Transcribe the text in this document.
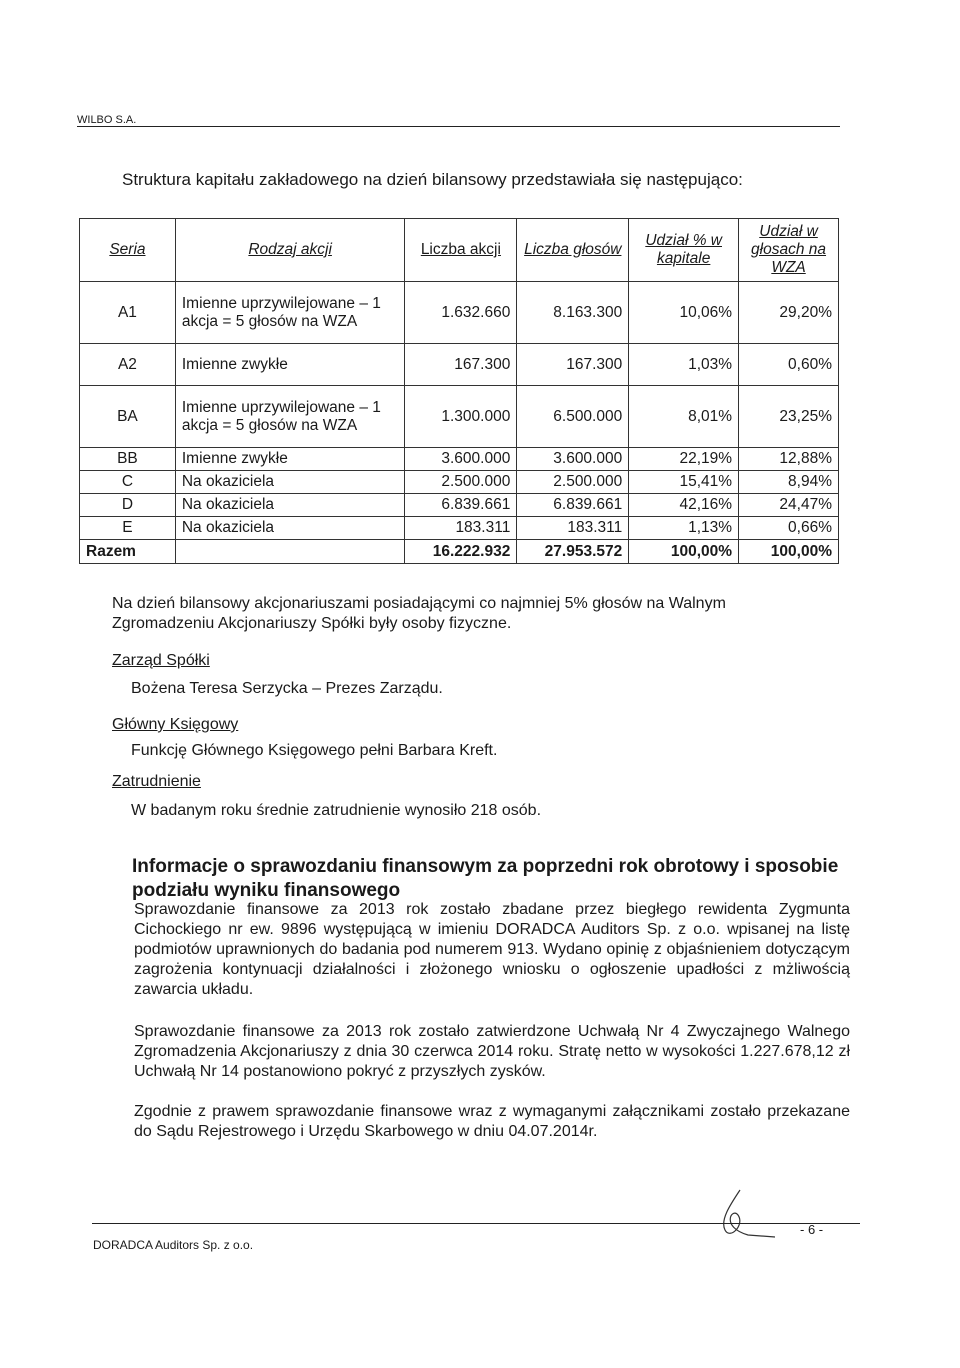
WILBO S.A.
Struktura kapitału zakładowego na dzień bilansowy przedstawiała się następująco:
Seria	Rodzaj akcji	Liczba akcji	Liczba głosów	Udział % w kapitale	Udział w głosach na WZA
A1	Imienne uprzywilejowane – 1 akcja = 5 głosów na WZA	1.632.660	8.163.300	10,06%	29,20%
A2	Imienne zwykłe	167.300	167.300	1,03%	0,60%
BA	Imienne uprzywilejowane – 1 akcja = 5 głosów na WZA	1.300.000	6.500.000	8,01%	23,25%
BB	Imienne zwykłe	3.600.000	3.600.000	22,19%	12,88%
C	Na okaziciela	2.500.000	2.500.000	15,41%	8,94%
D	Na okaziciela	6.839.661	6.839.661	42,16%	24,47%
E	Na okaziciela	183.311	183.311	1,13%	0,66%
Razem		16.222.932	27.953.572	100,00%	100,00%
Na dzień bilansowy akcjonariuszami posiadającymi co najmniej 5% głosów na Walnym Zgromadzeniu Akcjonariuszy Spółki były osoby fizyczne.
Zarząd Spółki
Bożena Teresa Serzycka – Prezes Zarządu.
Główny Księgowy
Funkcję Głównego Księgowego pełni Barbara Kreft.
Zatrudnienie
W badanym roku średnie zatrudnienie wynosiło 218 osób.
Informacje o sprawozdaniu finansowym za poprzedni rok obrotowy i sposobie podziału wyniku finansowego
Sprawozdanie finansowe za 2013 rok zostało zbadane przez biegłego rewidenta Zygmunta Cichockiego nr ew. 9896 występującą w imieniu DORADCA Auditors Sp. z o.o. wpisanej na listę podmiotów uprawnionych do badania pod numerem 913. Wydano opinię z objaśnieniem dotyczącym zagrożenia kontynuacji działalności i złożonego wniosku o ogłoszenie upadłości z mżliwością zawarcia układu.
Sprawozdanie finansowe za 2013 rok zostało zatwierdzone Uchwałą Nr 4 Zwyczajnego Walnego Zgromadzenia Akcjonariuszy z dnia 30 czerwca 2014 roku. Stratę netto w wysokości 1.227.678,12 zł Uchwałą Nr 14 postanowiono pokryć z przyszłych zysków.
Zgodnie z prawem sprawozdanie finansowe wraz z wymaganymi załącznikami zostało przekazane do Sądu Rejestrowego i Urzędu Skarbowego w dniu 04.07.2014r.
DORADCA Auditors Sp. z o.o.
- 6 -
